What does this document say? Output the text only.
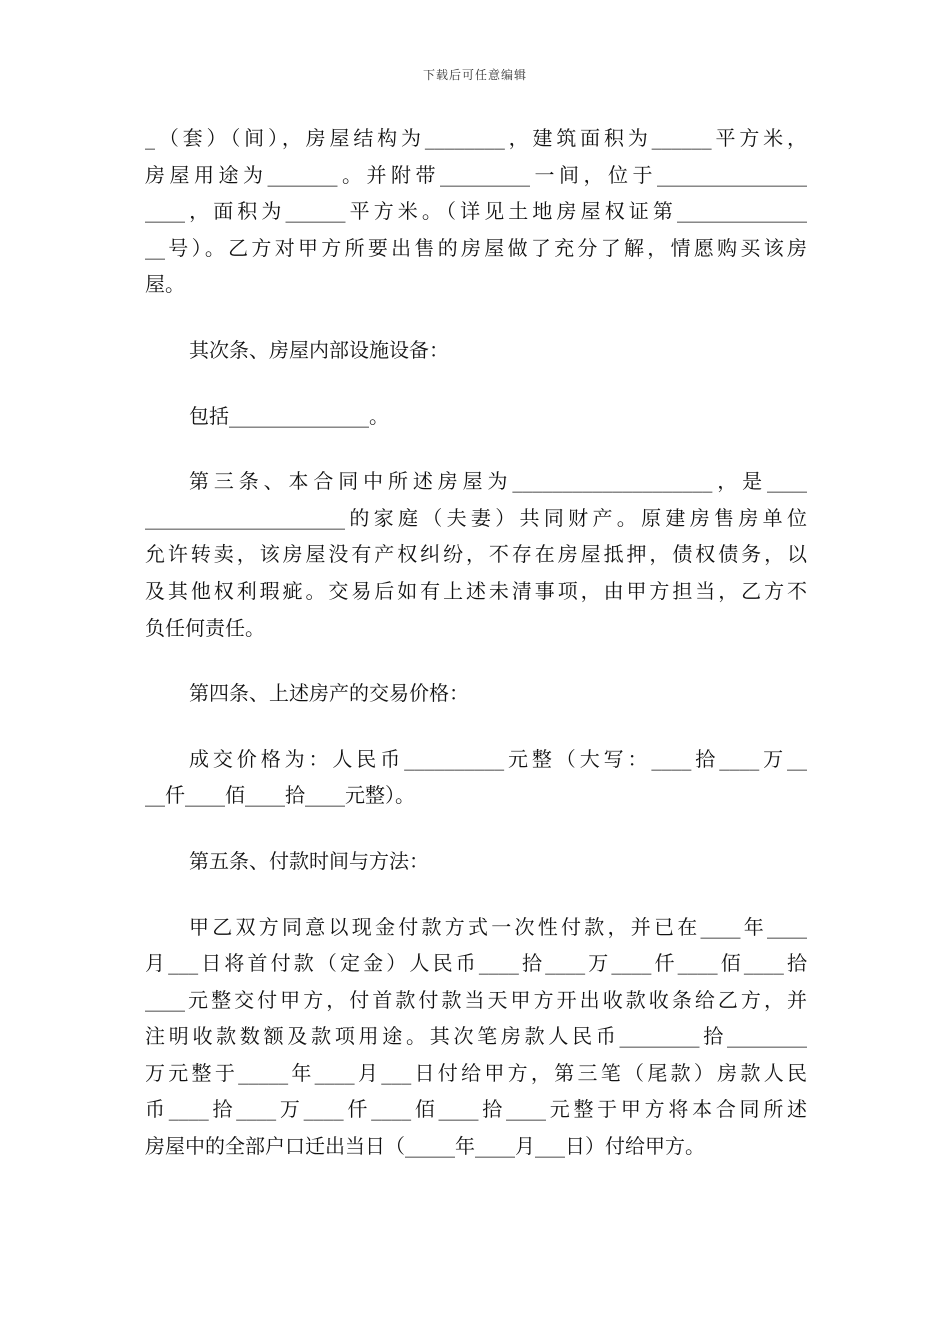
下载后可任意编辑
_（套）（间），房屋结构为________，建筑面积为______平方米，
房屋用途为_______。并附带_________一间，位于_______________
____，面积为______平方米。（详见土地房屋权证第_____________
__号）。乙方对甲方所要出售的房屋做了充分了解，情愿购买该房
屋。
其次条、房屋内部设施设备：
包括______________。
第三条、本合同中所述房屋为____________________，是____
____________________的家庭（夫妻）共同财产。原建房售房单位
允许转卖，该房屋没有产权纠纷，不存在房屋抵押，债权债务，以
及其他权利瑕疵。交易后如有上述未清事项，由甲方担当，乙方不
负任何责任。
第四条、上述房产的交易价格：
成交价格为：人民币__________元整（大写：____拾____万__
__仟____佰____拾____元整）。
第五条、付款时间与方法：
甲乙双方同意以现金付款方式一次性付款，并已在____年____
月___日将首付款（定金）人民币____拾____万____仟____佰____拾
____元整交付甲方，付首款付款当天甲方开出收款收条给乙方，并
注明收款数额及款项用途。其次笔房款人民币________拾________
万元整于_____年____月___日付给甲方，第三笔（尾款）房款人民
币____拾____万____仟____佰____拾____元整于甲方将本合同所述
房屋中的全部户口迁出当日（_____年____月___日）付给甲方。
